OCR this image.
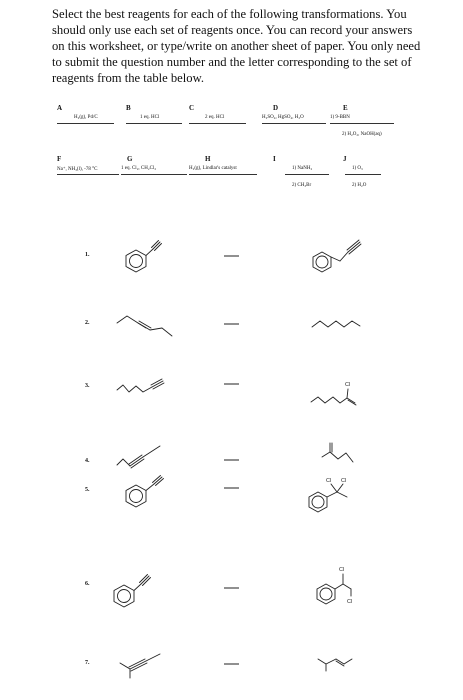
Select the best reagents for each of the following transformations. You should only use each set of reagents once. You can record your answers on this worksheet, or type/write on another sheet of paper. You only need to submit the question number and the letter corresponding to the set of reagents from the table below.
A
H₂(g), Pd/C
B
1 eq. HCl
C
2 eq. HCl
D
H₂SO₄, HgSO₄, H₂O
E
1) 9-BBN
2) H₂O₂, NaOH(aq)
F
Na⁺, NH₃(l), -78 °C
G
1 eq. Cl₂, CH₂Cl₂
H
H₂(g), Lindlar's catalyst
I
1) NaNH₂
2) CH₃Br
J
1) O₃
2) H₂O
1.
2.
3.
4.
5.
6.
7.
Cl
Cl Cl
Cl
Cl
